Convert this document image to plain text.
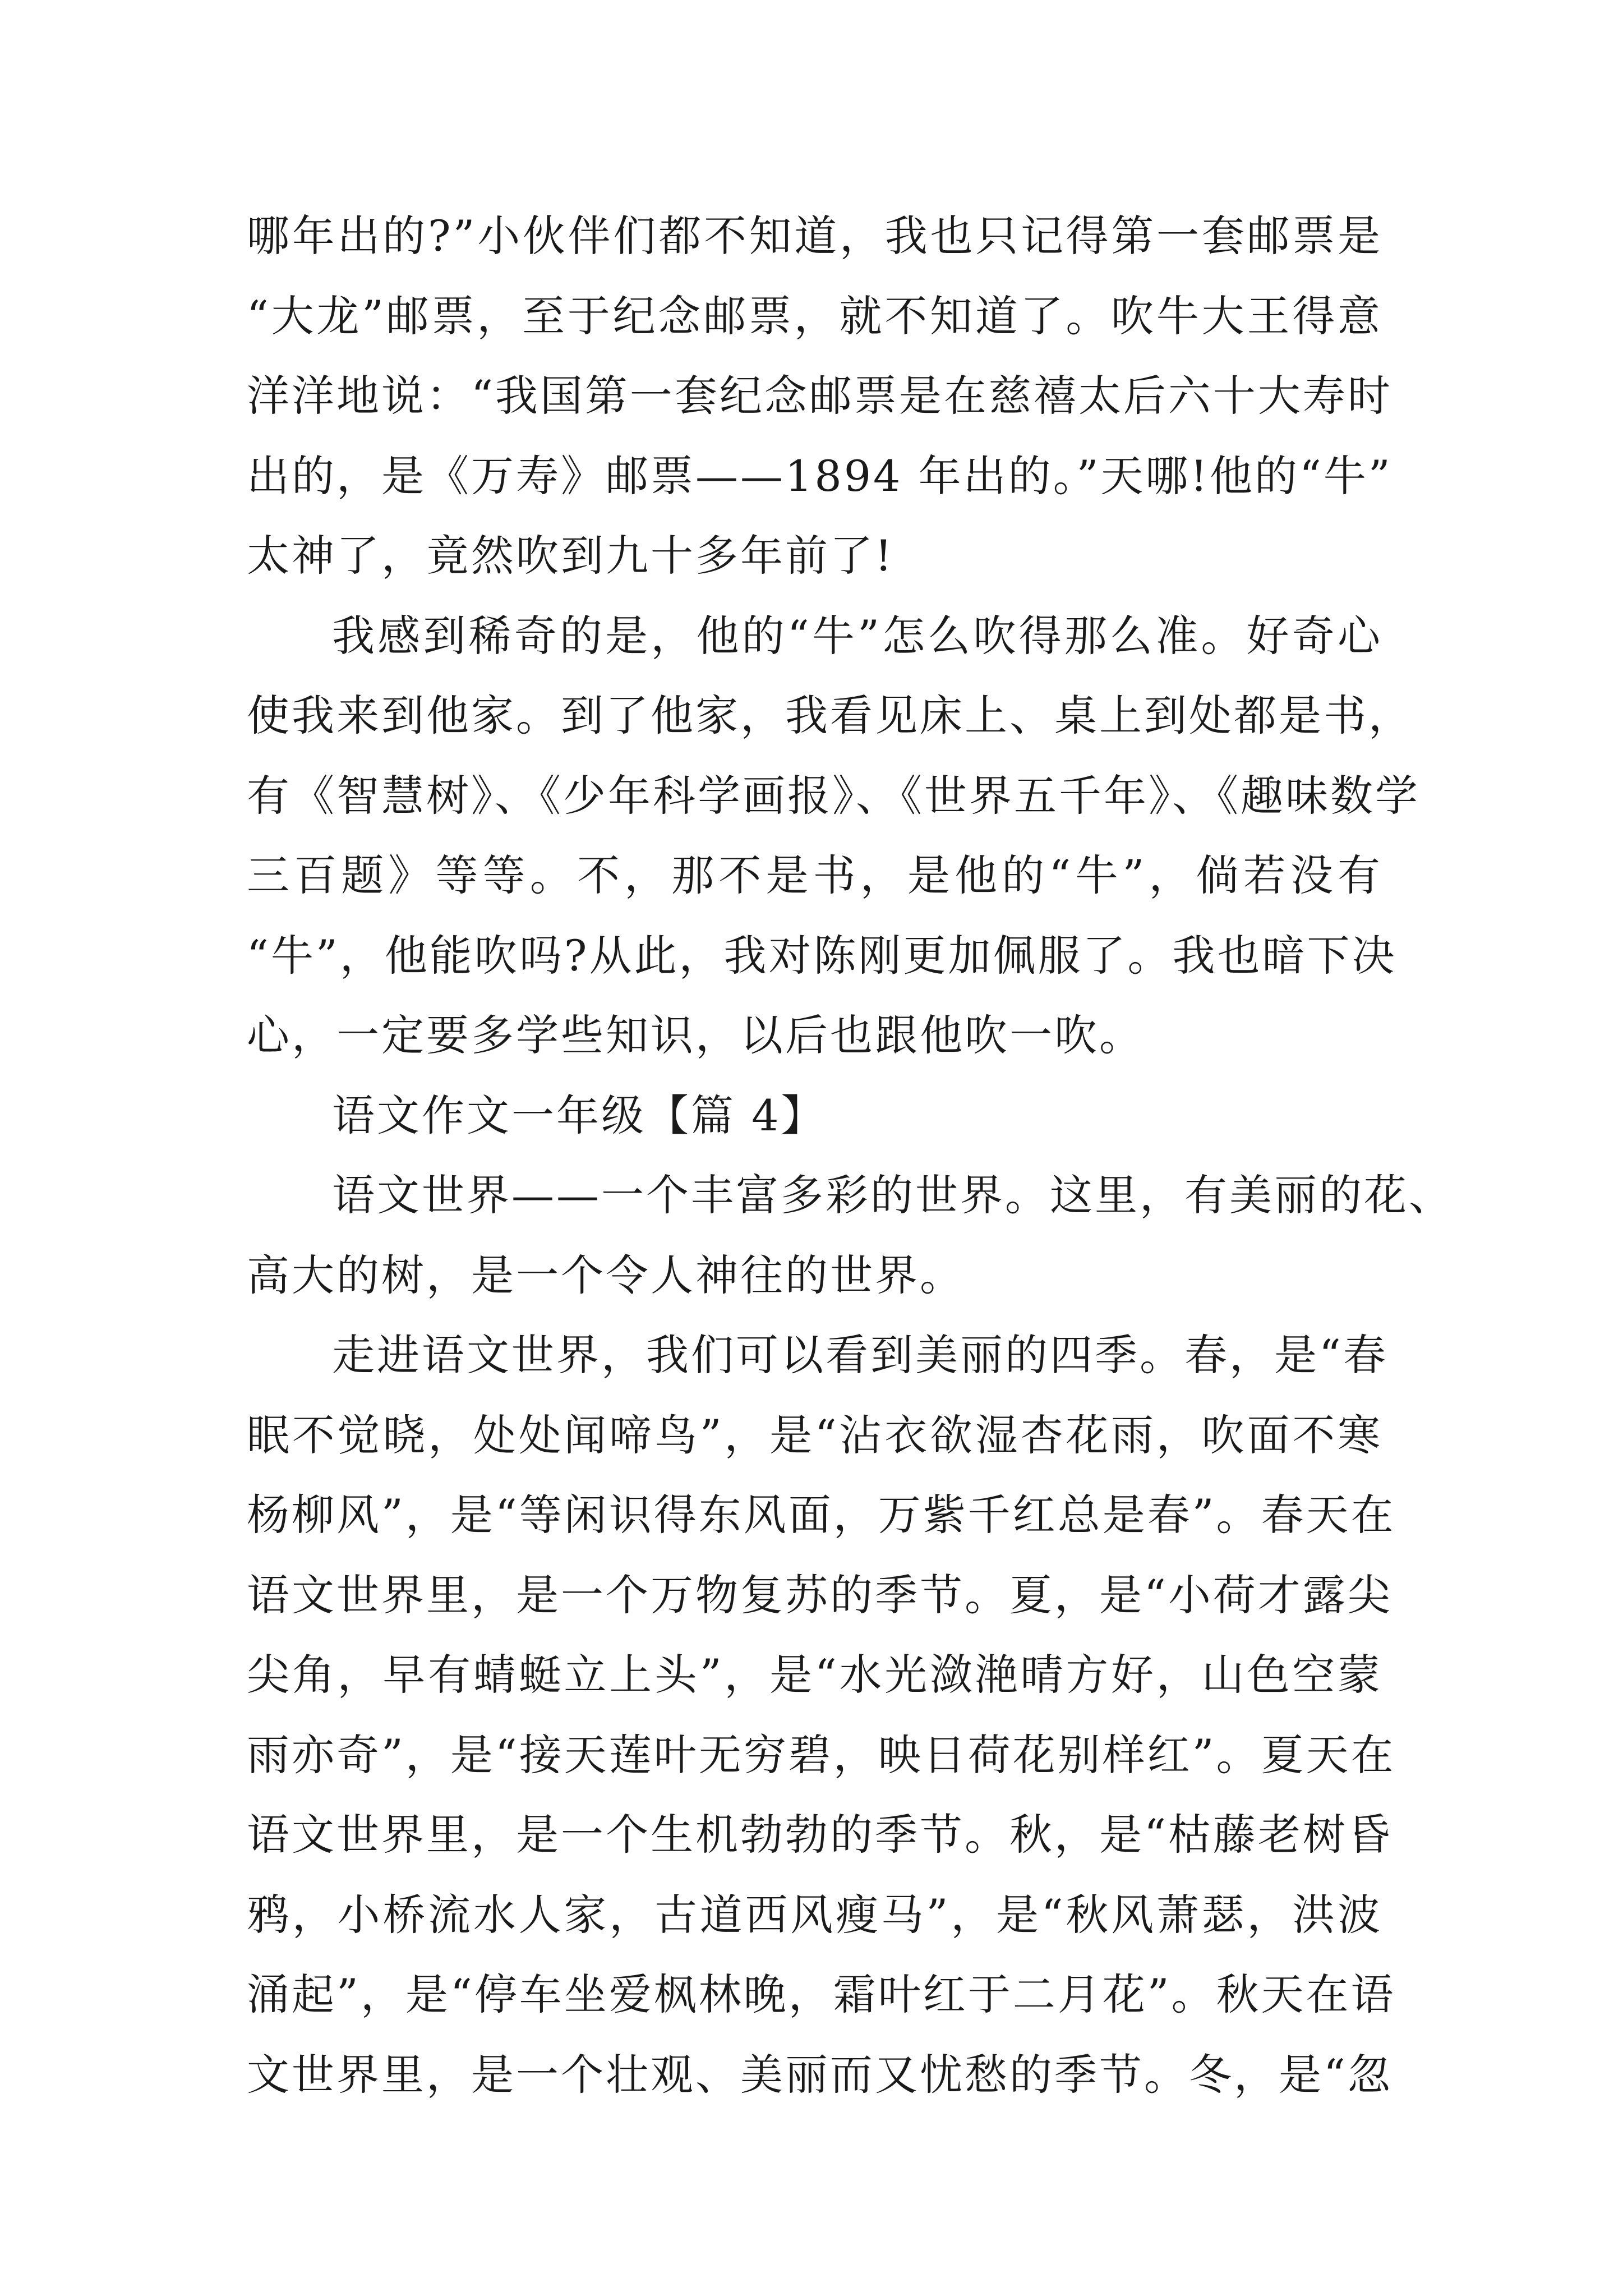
哪年出的?”小伙伴们都不知道，我也只记得第一套邮票是
“大龙”邮票，至于纪念邮票，就不知道了。吹牛大王得意
洋洋地说：“我国第一套纪念邮票是在慈禧太后六十大寿时
出的，是《万寿》邮票——1894 年出的。”天哪!他的“牛”
太神了，竟然吹到九十多年前了!
我感到稀奇的是，他的“牛”怎么吹得那么准。好奇心
使我来到他家。到了他家，我看见床上、桌上到处都是书，
有《智慧树》、《少年科学画报》、《世界五千年》、《趣味数学
三百题》等等。不，那不是书，是他的“牛”，倘若没有
“牛”，他能吹吗?从此，我对陈刚更加佩服了。我也暗下决
心，一定要多学些知识，以后也跟他吹一吹。
语文作文一年级【篇 4】
语文世界——一个丰富多彩的世界。这里，有美丽的花、
高大的树，是一个令人神往的世界。
走进语文世界，我们可以看到美丽的四季。春，是“春
眠不觉晓，处处闻啼鸟”，是“沾衣欲湿杏花雨，吹面不寒
杨柳风”，是“等闲识得东风面，万紫千红总是春”。春天在
语文世界里，是一个万物复苏的季节。夏，是“小荷才露尖
尖角，早有蜻蜓立上头”，是“水光潋滟晴方好，山色空蒙
雨亦奇”，是“接天莲叶无穷碧，映日荷花别样红”。夏天在
语文世界里，是一个生机勃勃的季节。秋，是“枯藤老树昏
鸦，小桥流水人家，古道西风瘦马”，是“秋风萧瑟，洪波
涌起”，是“停车坐爱枫林晚，霜叶红于二月花”。秋天在语
文世界里，是一个壮观、美丽而又忧愁的季节。冬，是“忽
